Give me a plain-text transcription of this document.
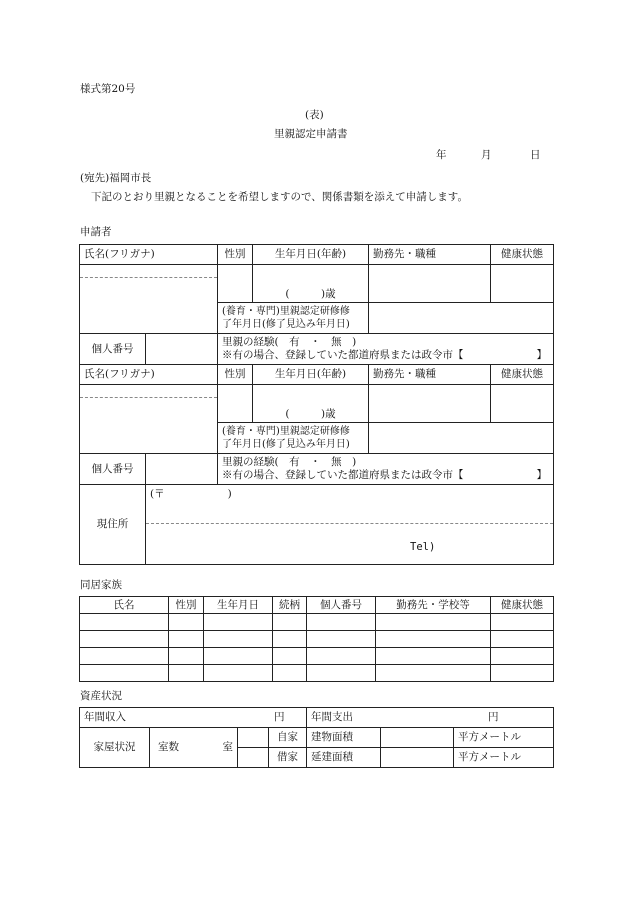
様式第20号
(表)
里親認定申請書
年	月	日
(宛先)福岡市長
下記のとおり里親となることを希望しますので、関係書類を添えて申請します。
申請者
氏名(フリガナ)		性別	生年月日(年齢)	勤務先・職種	健康状態

			(　　　)歳		
		(養育・専門)里親認定研修修
了年月日(修了見込み年月日)			
個人番号		里親の経験(　有　・　無　)
※有の場合、登録していた都道府県または政令市【 】			

氏名(フリガナ)		性別	生年月日(年齢)	勤務先・職種	健康状態

			(　　　)歳		
		(養育・専門)里親認定研修修
了年月日(修了見込み年月日)			
個人番号		里親の経験(　有　・　無　)
※有の場合、登録していた都道府県または政令市【 】			

現住所	(〒　　　　　　)
Tel)				
同居家族
氏名	性別	生年月日	続柄	個人番号	勤務先・学校等	健康状態

資産状況
年間収入 円				年間支出 円		

家屋状況	室数 室		自家	建物面積		平方メートル
			借家	延建面積		平方メートル
